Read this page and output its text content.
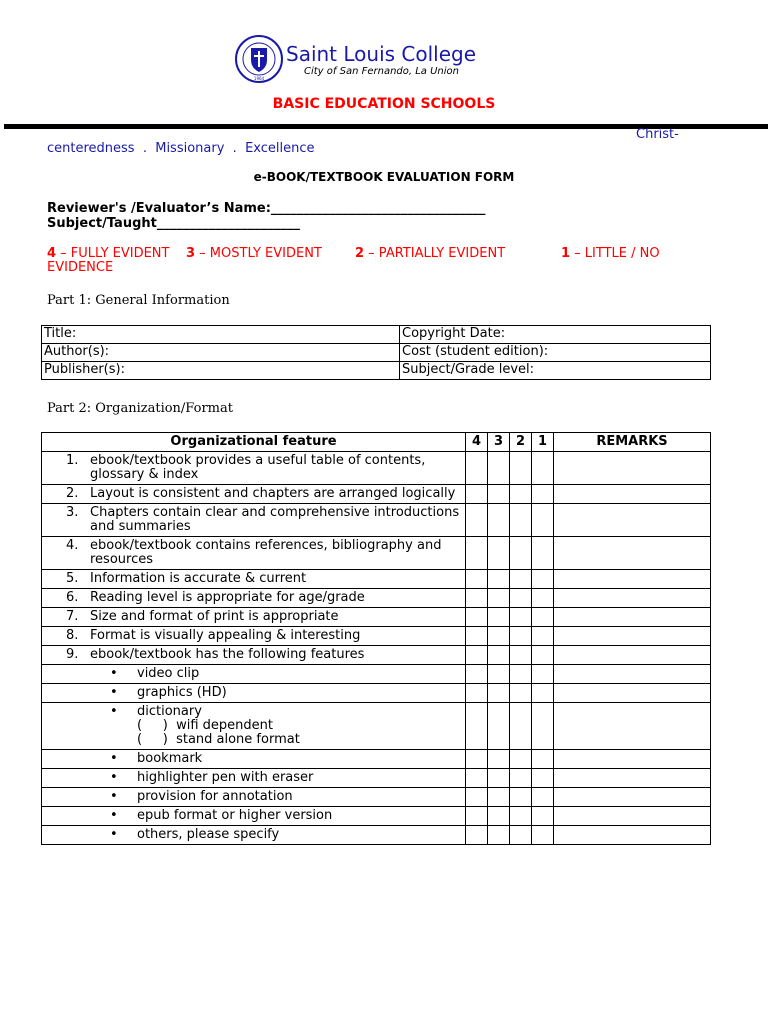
1964
Saint Louis College
City of San Fernando, La Union
BASIC EDUCATION SCHOOLS
Christ-
centeredness  .  Missionary  .  Excellence
e-BOOK/TEXTBOOK EVALUATION FORM
Reviewer's /Evaluator’s Name:_________________________________
Subject/Taught______________________
4 – FULLY EVIDENT 3 – MOSTLY EVIDENT	2 – PARTIALLY EVIDENT	1 – LITTLE / NO
EVIDENCE
Part 1: General Information
Title:	Copyright Date:
Author(s):	Cost (student edition):
Publisher(s):	Subject/Grade level:
Part 2: Organization/Format
Organizational feature	4	3	2	1	REMARKS

1. ebook/textbook provides a useful table of contents,
glossary & index					

2. Layout is consistent and chapters are arranged logically					

3. Chapters contain clear and comprehensive introductions
and summaries					

4. ebook/textbook contains references, bibliography and
resources					

5. Information is accurate & current					

6. Reading level is appropriate for age/grade					

7. Size and format of print is appropriate					

8. Format is visually appealing & interesting					

9. ebook/textbook has the following features					

• video clip					

• graphics (HD)					

• dictionary
(     )  wifi dependent
(     )  stand alone format					

• bookmark					

• highlighter pen with eraser					

• provision for annotation					

• epub format or higher version					

• others, please specify					
